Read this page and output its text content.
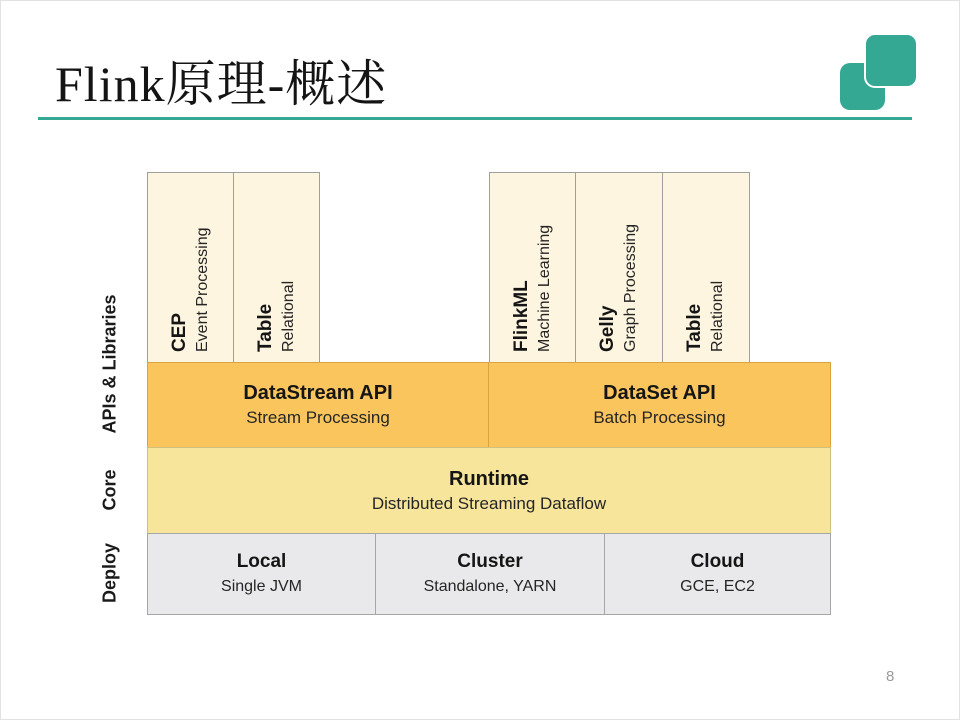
Flink原理-概述
APIs & Libraries
Core
Deploy
CEP Event Processing Table Relational	FlinkML Machine Learning Gelly Graph Processing Table Relational
DataStream API
Stream Processing
DataSet API
Batch Processing
Runtime
Distributed Streaming Dataflow
Local
Single JVM
Cluster
Standalone, YARN
Cloud
GCE, EC2
8
